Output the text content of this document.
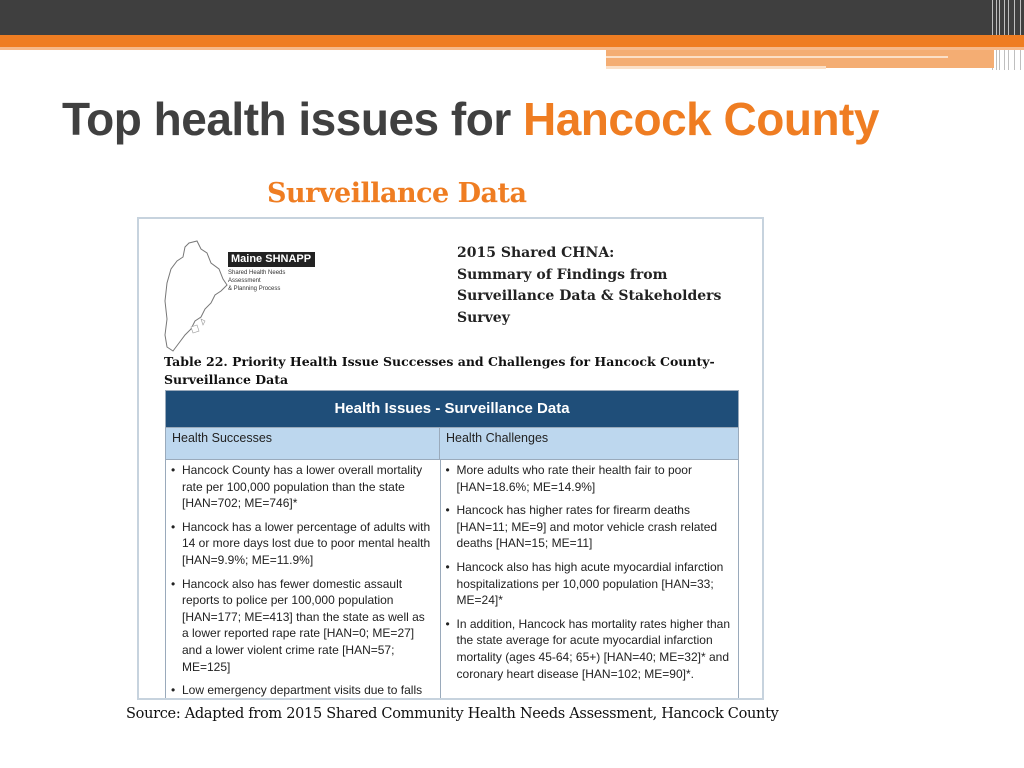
Top health issues for Hancock County
Surveillance Data
Maine SHNAPP
Shared Health Needs Assessment
& Planning Process
2015 Shared CHNA:
Summary of Findings from
Surveillance Data & Stakeholders
Survey
Table 22. Priority Health Issue Successes and Challenges for Hancock County-Surveillance Data
Health Issues - Surveillance Data
Health Successes	Health Challenges
• Hancock County has a lower overall mortality rate per 100,000 population than the state [HAN=702; ME=746]*
• Hancock has a lower percentage of adults with 14 or more days lost due to poor mental health [HAN=9.9%; ME=11.9%]
• Hancock also has fewer domestic assault reports to police per 100,000 population [HAN=177; ME=413] than the state as well as a lower reported rape rate [HAN=0; ME=27] and a lower violent crime rate [HAN=57; ME=125]
• Low emergency department visits due to falls
• More adults who rate their health fair to poor [HAN=18.6%; ME=14.9%]
• Hancock has higher rates for firearm deaths [HAN=11; ME=9] and motor vehicle crash related deaths [HAN=15; ME=11]
• Hancock also has high acute myocardial infarction hospitalizations per 10,000 population [HAN=33; ME=24]*
• In addition, Hancock has mortality rates higher than the state average for acute myocardial infarction mortality (ages 45-64; 65+) [HAN=40; ME=32]* and coronary heart disease [HAN=102; ME=90]*.
Source: Adapted from 2015 Shared Community Health Needs Assessment, Hancock County
